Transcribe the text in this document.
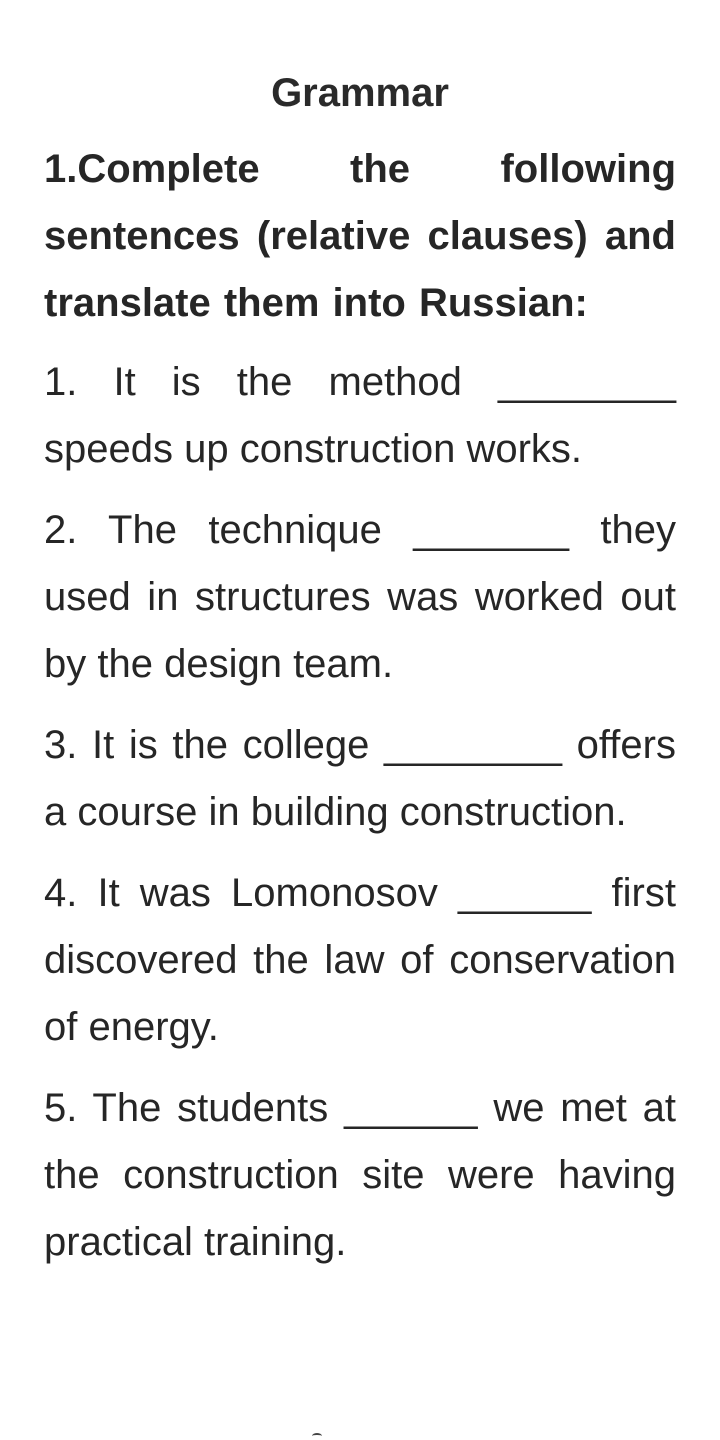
Grammar
1.Complete the following sentences (relative clauses) and translate them into Russian:
1. It is the method ________ speeds up construction works.
2. The technique _______ they used in structures was worked out by the design team.
3. It is the college ________ offers a course in building construction.
4. It was Lomonosov ______ first discovered the law of conservation of energy.
5. The students ______ we met at the construction site were having practical training.
